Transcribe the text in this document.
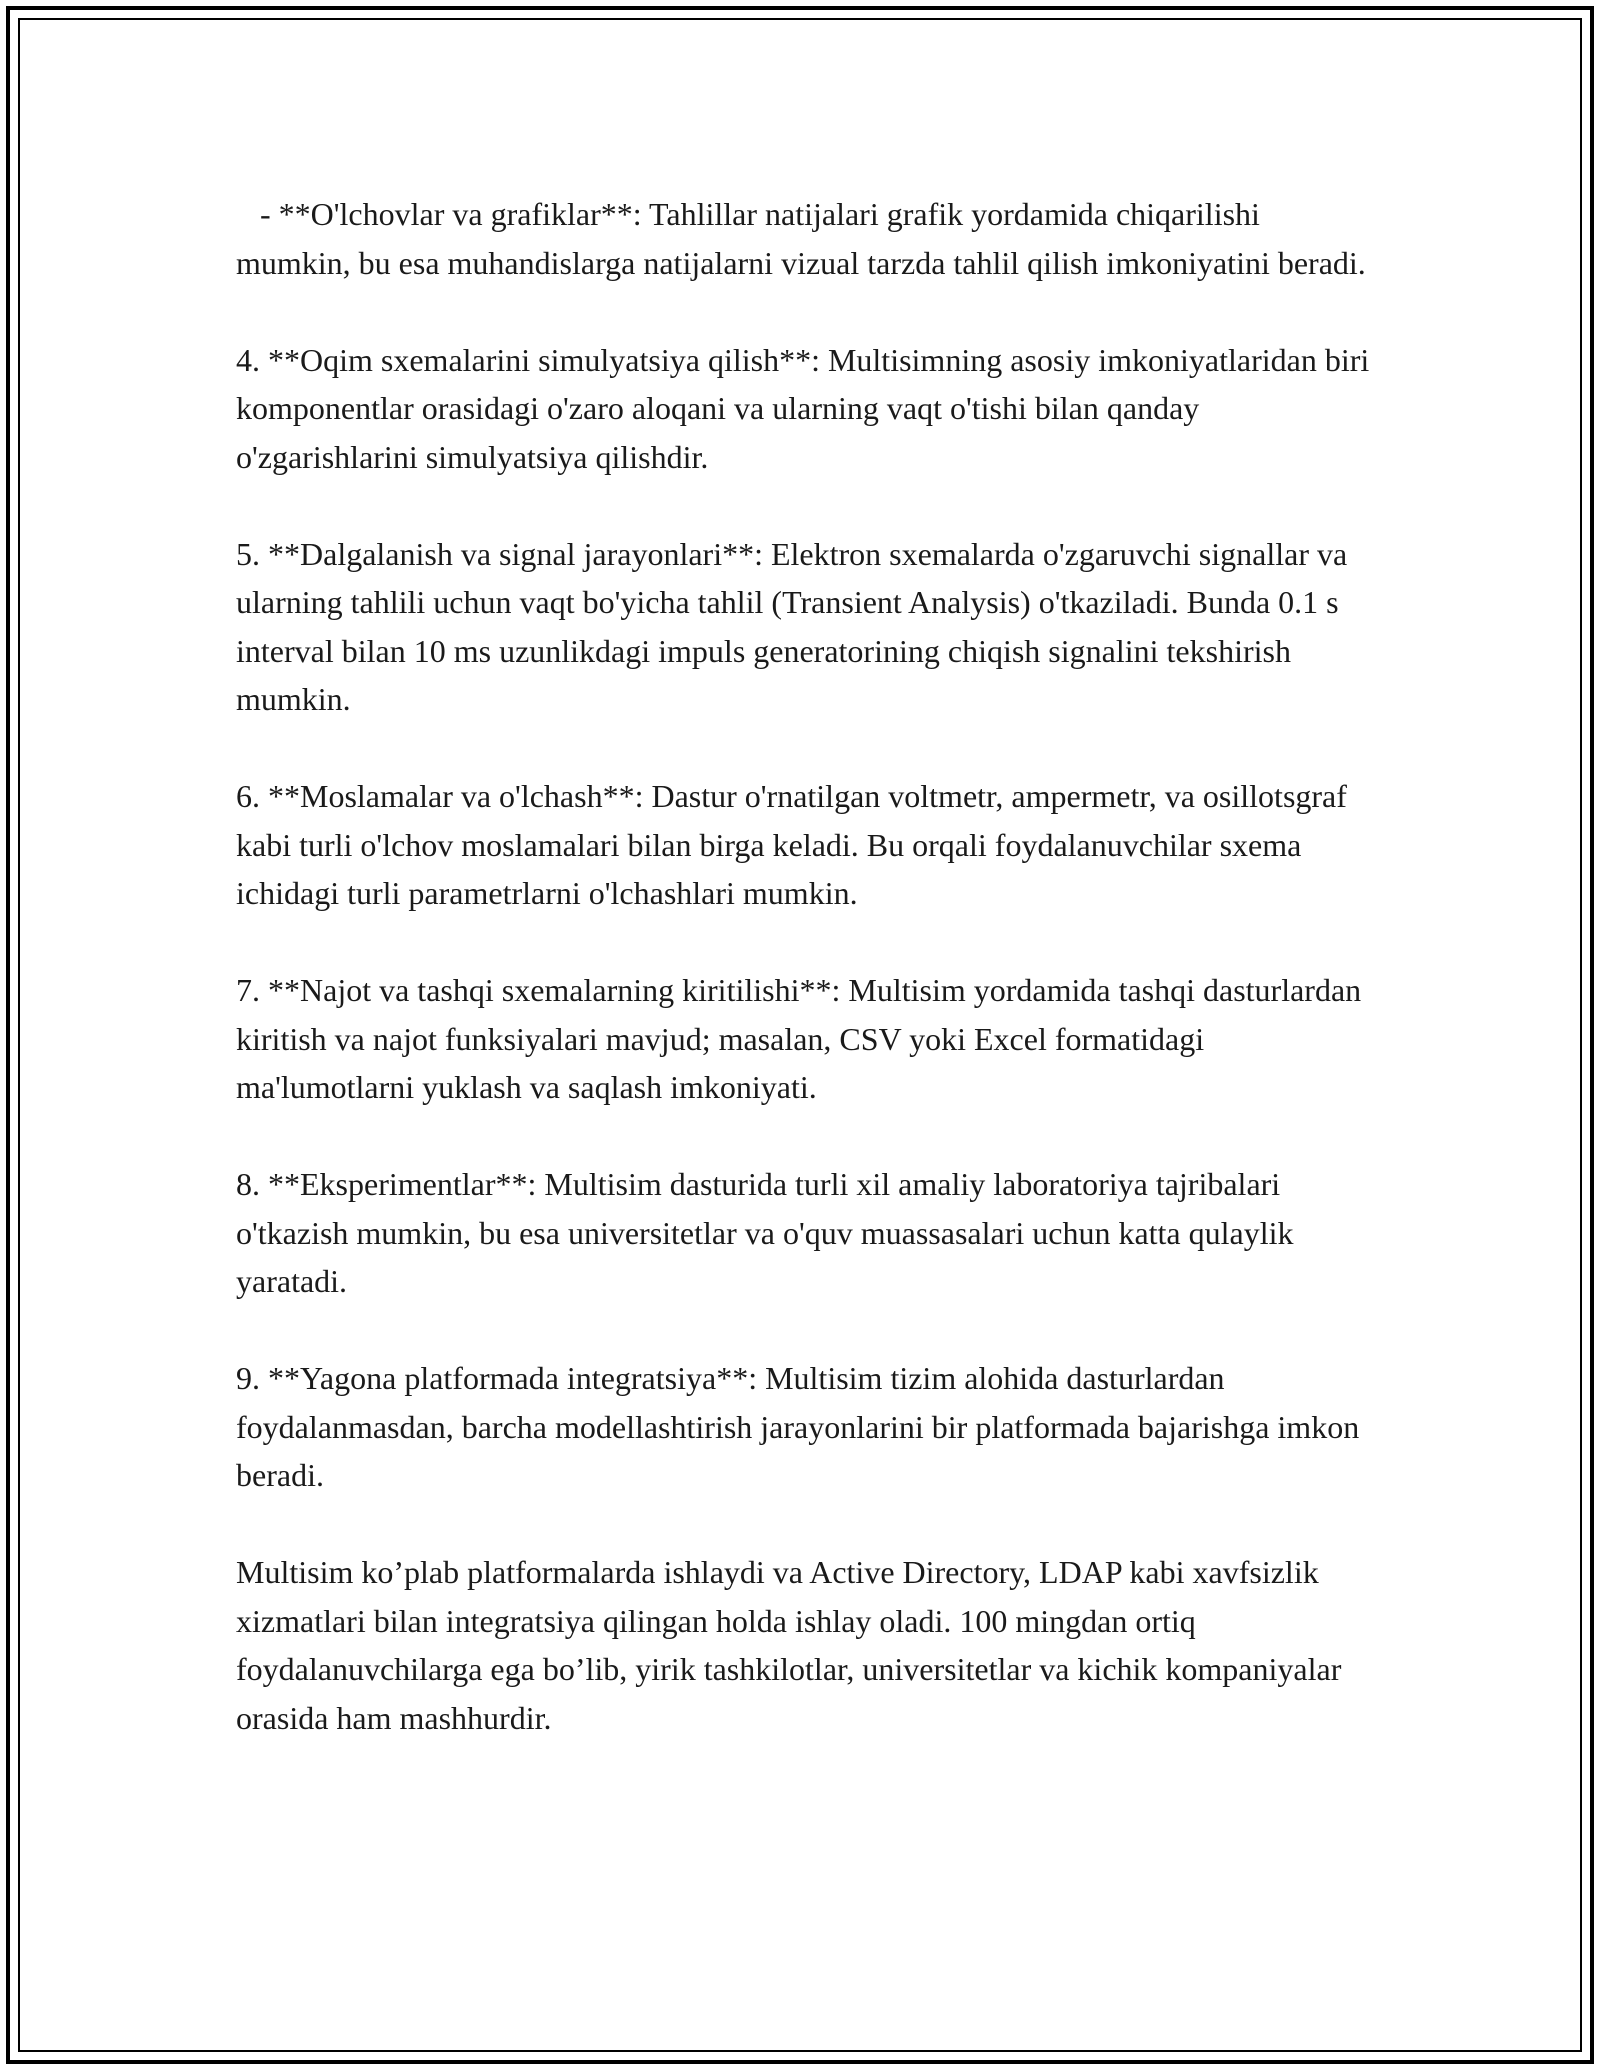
- **O'lchovlar va grafiklar**: Tahlillar natijalari grafik yordamida chiqarilishi mumkin, bu esa muhandislarga natijalarni vizual tarzda tahlil qilish imkoniyatini beradi.

4. **Oqim sxemalarini simulyatsiya qilish**: Multisimning asosiy imkoniyatlaridan biri komponentlar orasidagi o'zaro aloqani va ularning vaqt o'tishi bilan qanday o'zgarishlarini simulyatsiya qilishdir.

5. **Dalgalanish va signal jarayonlari**: Elektron sxemalarda o'zgaruvchi signallar va ularning tahlili uchun vaqt bo'yicha tahlil (Transient Analysis) o'tkaziladi. Bunda 0.1 s interval bilan 10 ms uzunlikdagi impuls generatorining chiqish signalini tekshirish mumkin.

6. **Moslamalar va o'lchash**: Dastur o'rnatilgan voltmetr, ampermetr, va osillotsgraf kabi turli o'lchov moslamalari bilan birga keladi. Bu orqali foydalanuvchilar sxema ichidagi turli parametrlarni o'lchashlari mumkin.

7. **Najot va tashqi sxemalarning kiritilishi**: Multisim yordamida tashqi dasturlardan kiritish va najot funksiyalari mavjud; masalan, CSV yoki Excel formatidagi ma'lumotlarni yuklash va saqlash imkoniyati.

8. **Eksperimentlar**: Multisim dasturida turli xil amaliy laboratoriya tajribalari o'tkazish mumkin, bu esa universitetlar va o'quv muassasalari uchun katta qulaylik yaratadi.

9. **Yagona platformada integratsiya**: Multisim tizim alohida dasturlardan foydalanmasdan, barcha modellashtirish jarayonlarini bir platformada bajarishga imkon beradi.

Multisim ko’plab platformalarda ishlaydi va Active Directory, LDAP kabi xavfsizlik xizmatlari bilan integratsiya qilingan holda ishlay oladi. 100 mingdan ortiq foydalanuvchilarga ega bo’lib, yirik tashkilotlar, universitetlar va kichik kompaniyalar orasida ham mashhurdir.
